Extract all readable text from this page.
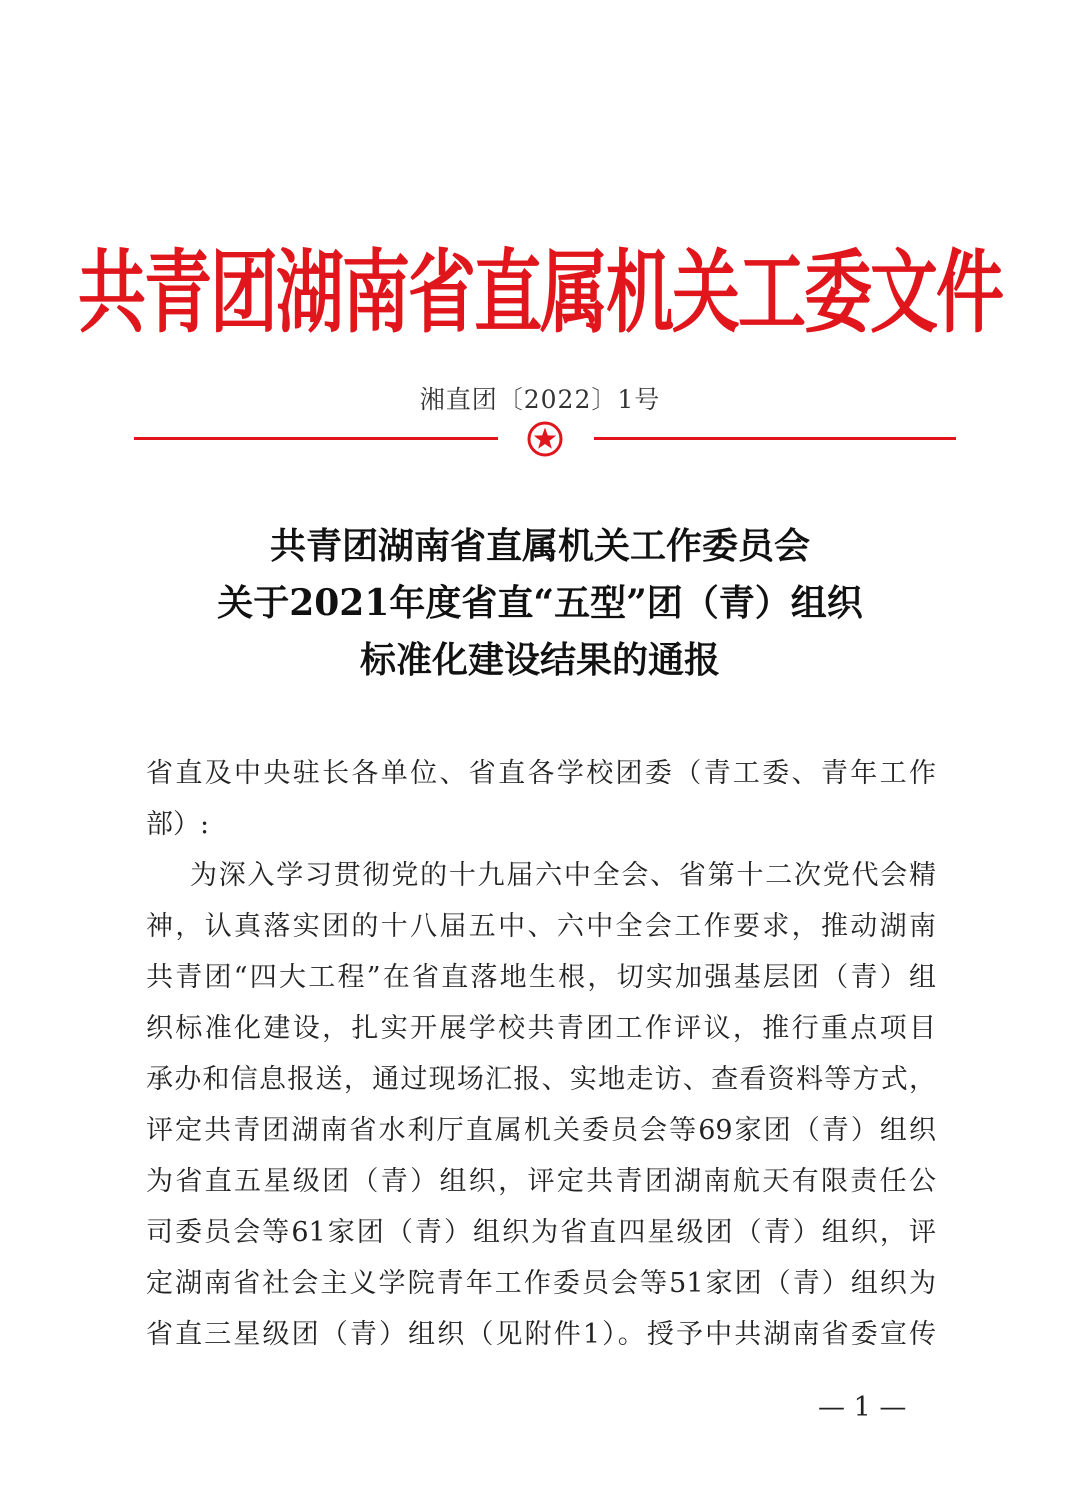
共青团湖南省直属机关工委文件
湘直团〔2022〕1号
共青团湖南省直属机关工作委员会
关于2021年度省直“五型”团（青）组织
标准化建设结果的通报
省直及中央驻长各单位、省直各学校团委（青工委、青年工作
部）:
为深入学习贯彻党的十九届六中全会、省第十二次党代会精
神，认真落实团的十八届五中、六中全会工作要求，推动湖南
共青团“四大工程”在省直落地生根，切实加强基层团（青）组
织标准化建设，扎实开展学校共青团工作评议，推行重点项目
承办和信息报送，通过现场汇报、实地走访、查看资料等方式，
评定共青团湖南省水利厅直属机关委员会等69家团（青）组织
为省直五星级团（青）组织，评定共青团湖南航天有限责任公
司委员会等61家团（青）组织为省直四星级团（青）组织，评
定湖南省社会主义学院青年工作委员会等51家团（青）组织为
省直三星级团（青）组织（见附件1）。授予中共湖南省委宣传
— 1 —
